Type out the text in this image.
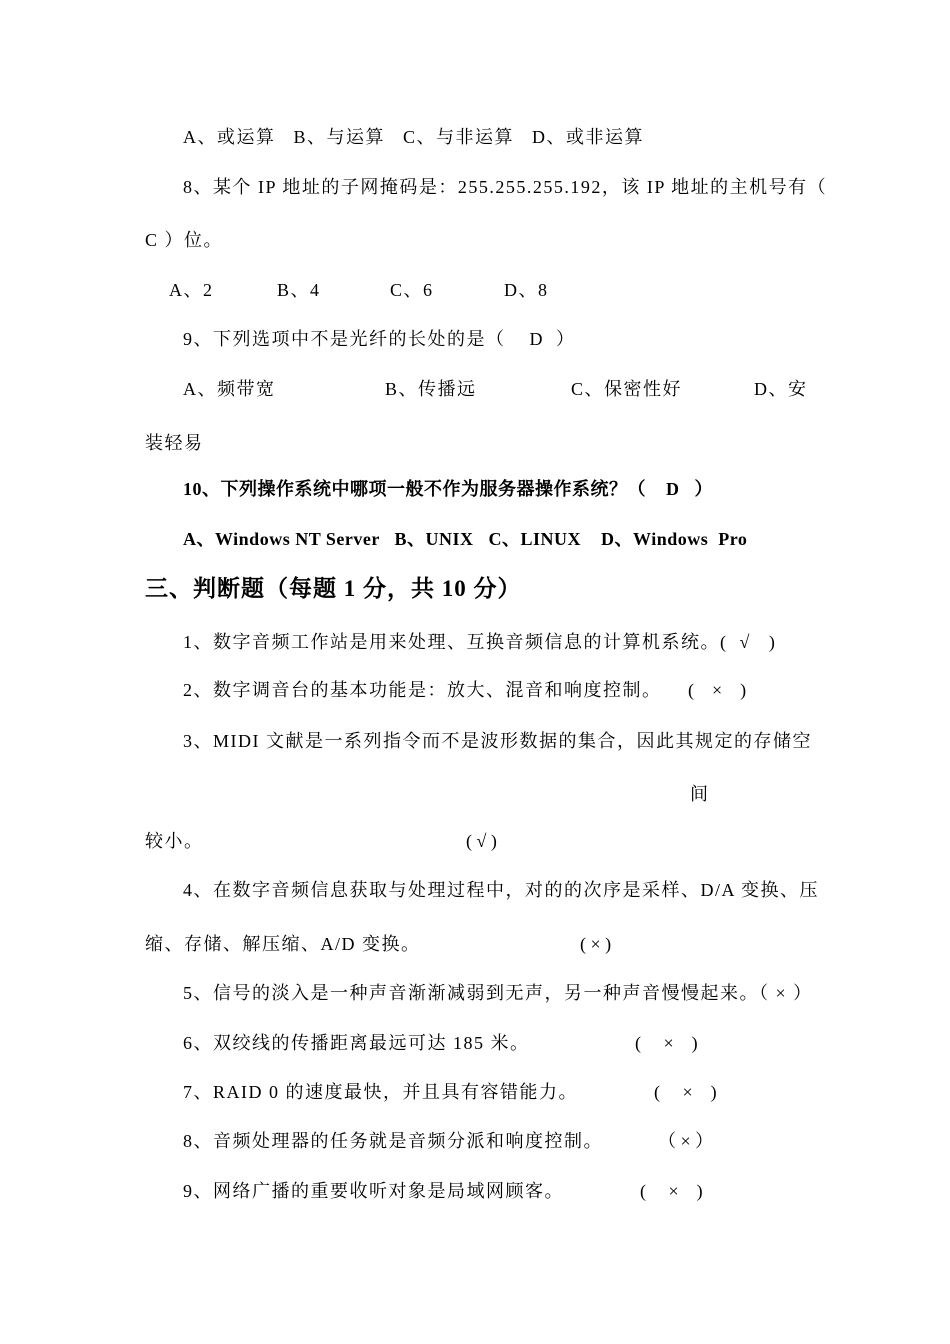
A、或运算   B、与运算   C、与非运算   D、或非运算
8、某个 IP 地址的子网掩码是：255.255.255.192，该 IP 地址的主机号有（
C ）位。
A、2	B、4	C、6	D、8
9、下列选项中不是光纤的长处的是（    D  ）
A、频带宽	B、传播远	C、保密性好	D、安
装轻易
10、下列操作系统中哪项一般不作为服务器操作系统？（    D   ）
A、Windows NT Server   B、UNIX   C、LINUX    D、Windows  Pro
三、判断题（每题 1 分，共 10 分）
1、数字音频工作站是用来处理、互换音频信息的计算机系统。(  √   )
2、数字调音台的基本功能是：放大、混音和响度控制。 (    ×    )
3、MIDI 文献是一系列指令而不是波形数据的集合，因此其规定的存储空
间
较小。	( √ )
4、在数字音频信息获取与处理过程中，对的的次序是采样、D/A 变换、压
缩、存储、解压缩、A/D 变换。	( × )
5、信号的淡入是一种声音渐渐减弱到无声，另一种声音慢慢起来。（ × ）
6、双绞线的传播距离最远可达 185 米。	(     ×    )
7、RAID 0 的速度最快，并且具有容错能力。	(     ×    )
8、音频处理器的任务就是音频分派和响度控制。	（ × ）
9、网络广播的重要收听对象是局域网顾客。	(     ×    )
